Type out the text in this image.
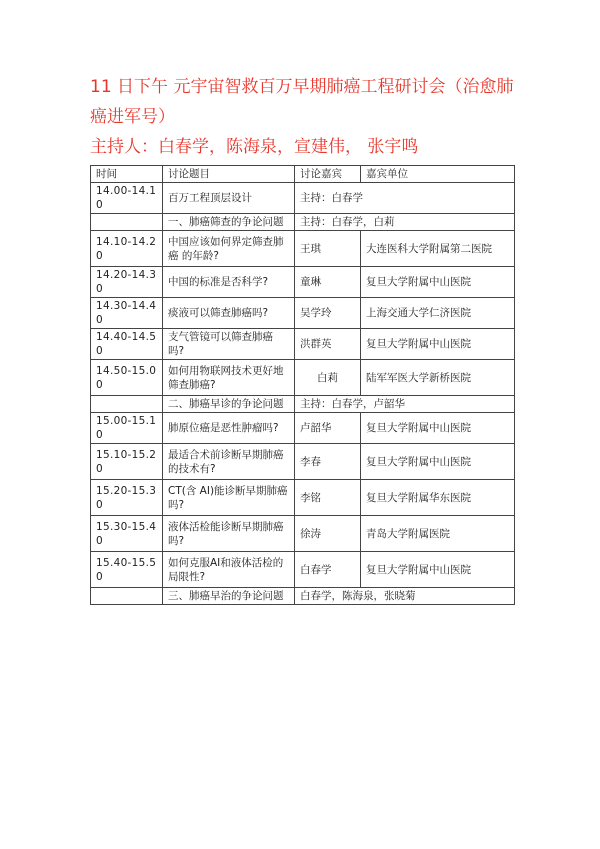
11 日下午 元宇宙智救百万早期肺癌工程研讨会（治愈肺癌进军号）
主持人：白春学，陈海泉，宣建伟， 张宇鸣
时间	讨论题目	讨论嘉宾	嘉宾单位
14.00-14.10	百万工程顶层设计	主持：白春学	
	一、肺癌筛查的争论问题	主持：白春学，白莉	
14.10-14.20	中国应该如何界定筛查肺癌 的年龄?	王琪	大连医科大学附属第二医院
14.20-14.30	中国的标准是否科学?	童琳	复旦大学附属中山医院
14.30-14.40	痰液可以筛查肺癌吗?	吴学玲	上海交通大学仁济医院
14.40-14.50	支气管镜可以筛查肺癌吗?	洪群英	复旦大学附属中山医院
14.50-15.00	如何用物联网技术更好地 筛查肺癌?	白莉	陆军军医大学新桥医院
	二、肺癌早诊的争论问题	主持：白春学，卢韶华	
15.00-15.10	肺原位癌是恶性肿瘤吗?	卢韶华	复旦大学附属中山医院
15.10-15.20	最适合术前诊断早期肺癌的技术有?	李春	复旦大学附属中山医院
15.20-15.30	CT(含 AI)能诊断早期肺癌吗?	李铭	复旦大学附属华东医院
15.30-15.40	液体活检能诊断早期肺癌吗?	徐涛	青岛大学附属医院
15.40-15.50	如何克服AI和液体活检的局限性?	白春学	复旦大学附属中山医院
	三、肺癌早治的争论问题	白春学，陈海泉，张晓菊	
